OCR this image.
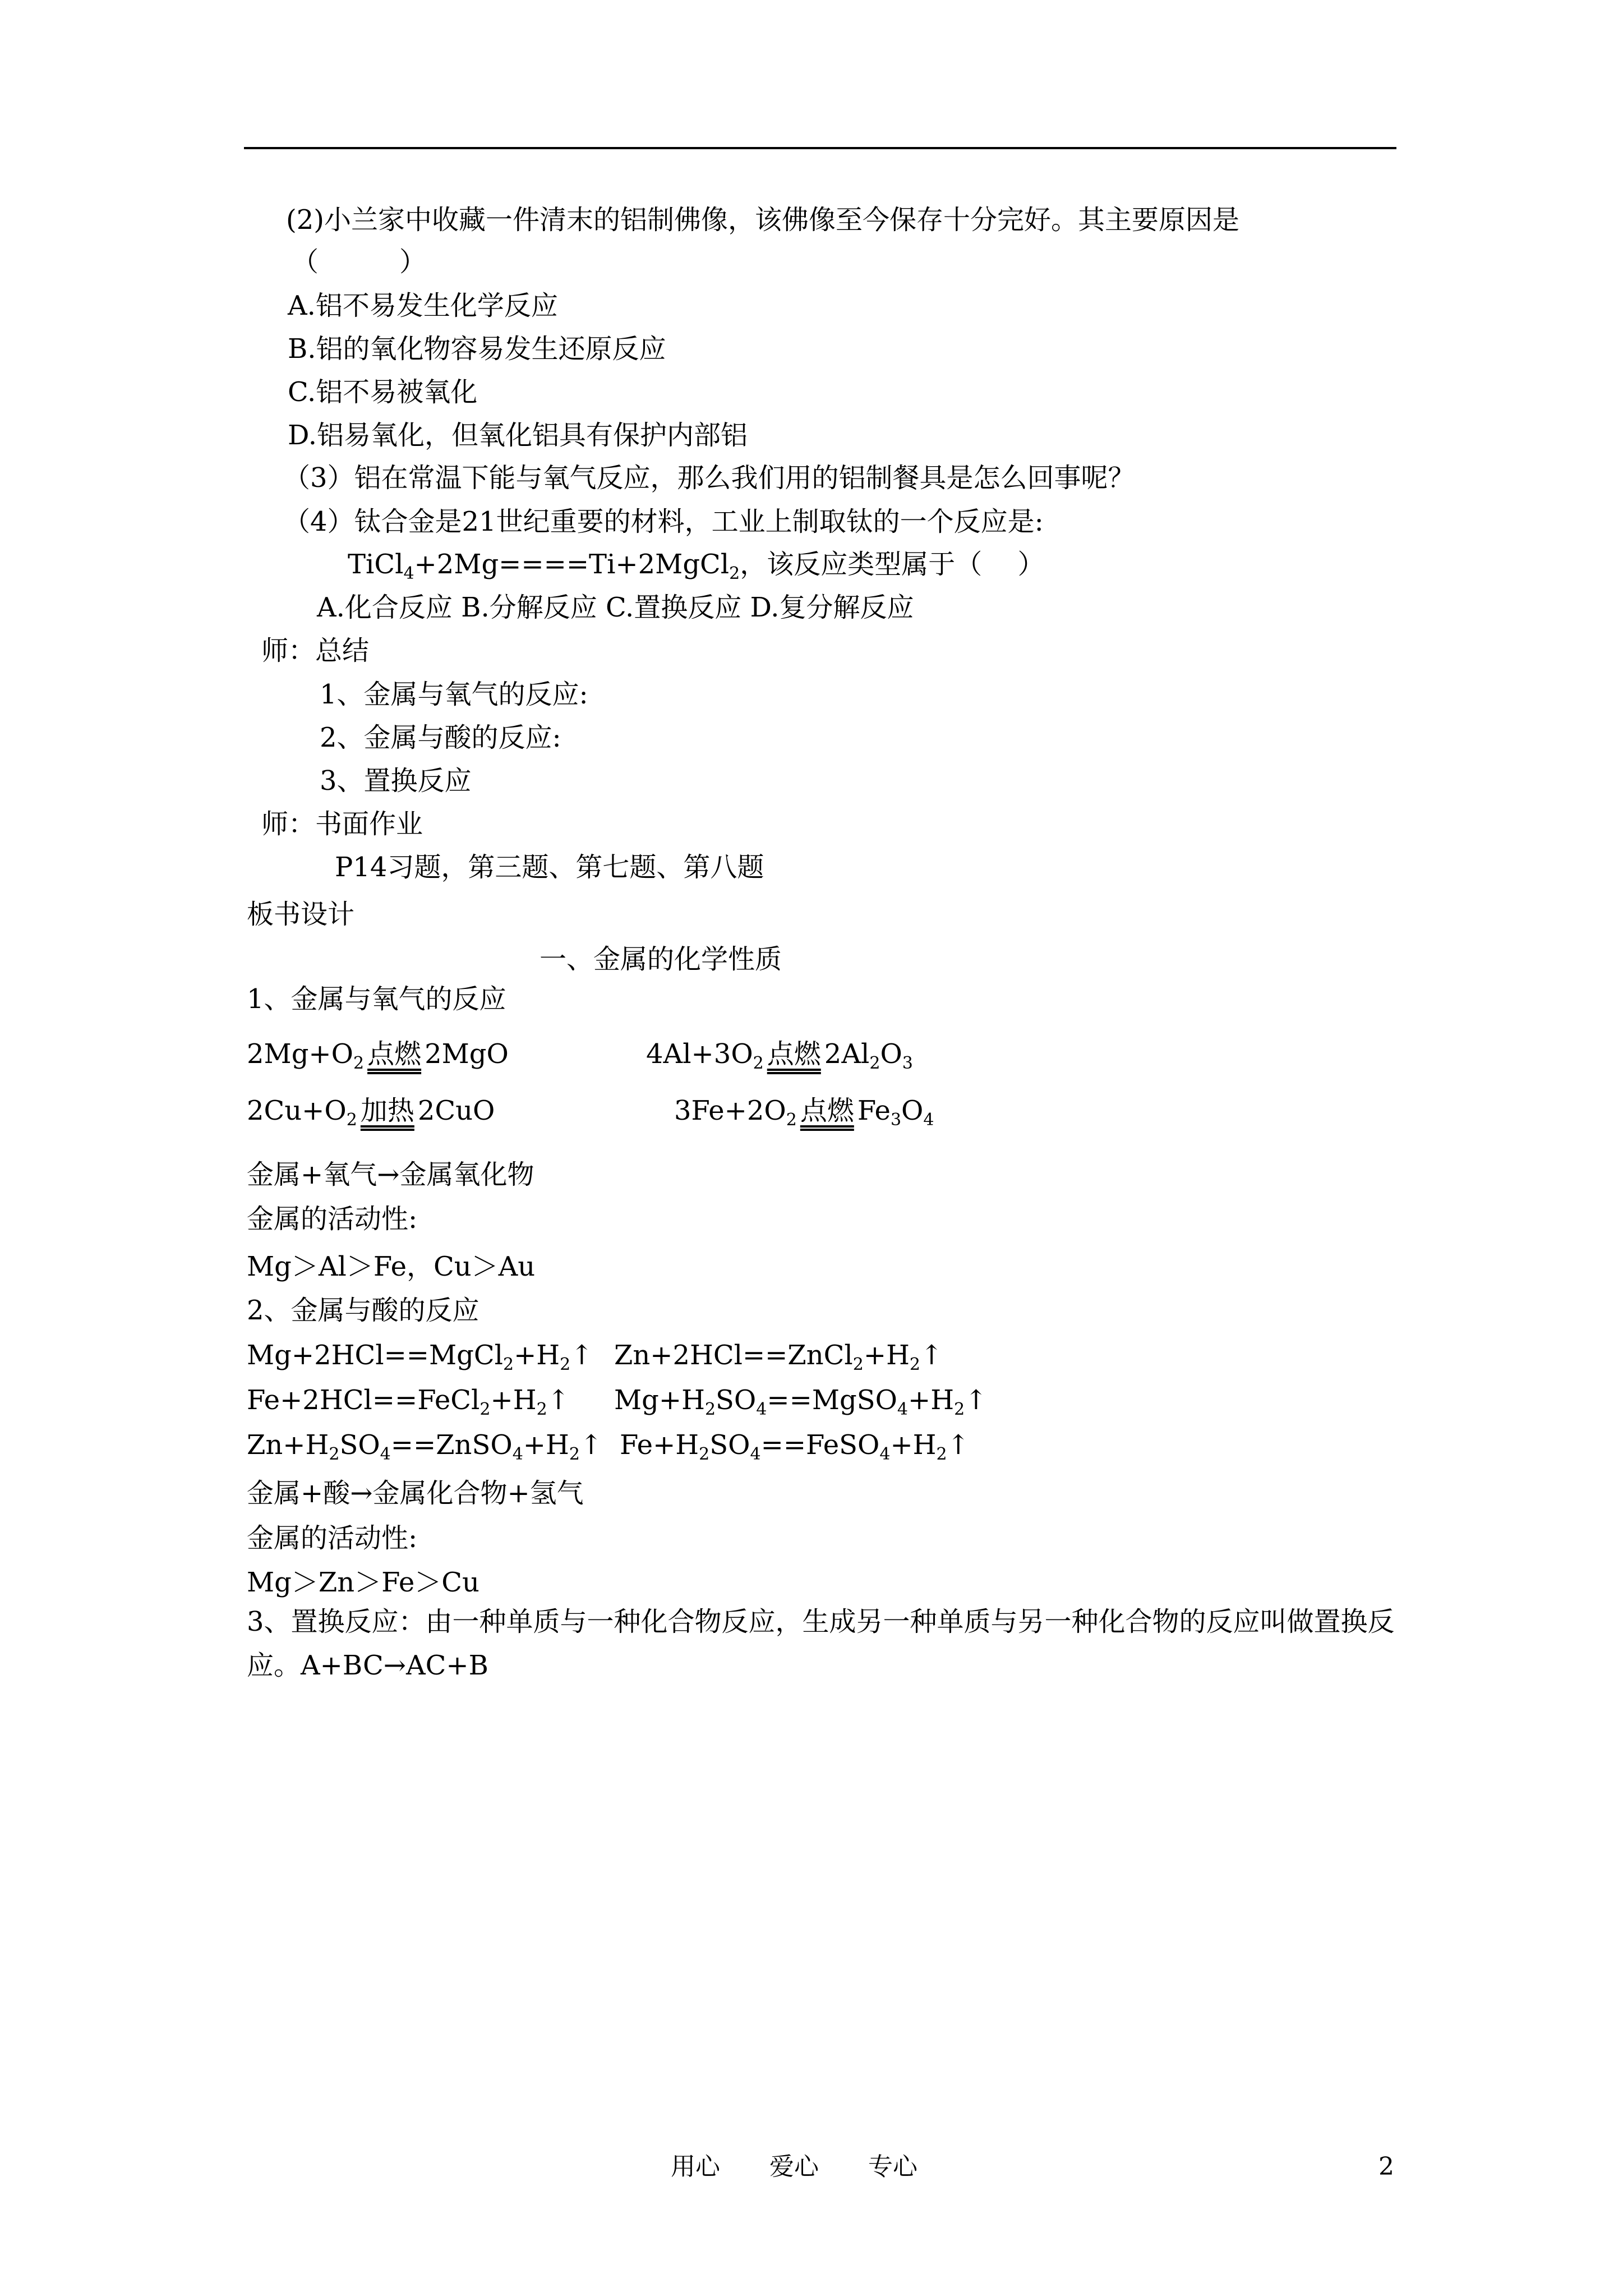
(2)小兰家中收藏一件清末的铝制佛像，该佛像至今保存十分完好。其主要原因是
（　　　）
A.铝不易发生化学反应
B.铝的氧化物容易发生还原反应
C.铝不易被氧化
D.铝易氧化，但氧化铝具有保护内部铝
（3）铝在常温下能与氧气反应，那么我们用的铝制餐具是怎么回事呢？
（4）钛合金是21世纪重要的材料，工业上制取钛的一个反应是:
TiCl$_4$+2Mg====Ti+2MgCl$_2$，该反应类型属于（　 ）
A.化合反应 B.分解反应 C.置换反应 D.复分解反应
师：总结
1、金属与氧气的反应:
2、金属与酸的反应:
3、置换反应
师：书面作业
P14习题，第三题、第七题、第八题
板书设计
一、金属的化学性质
1、金属与氧气的反应
$2Mg+O_2$ 点燃 2MgO	$4Al+3O_2$ 点燃 $2Al_2O_3$
$2Cu+O_2$ 加热 2CuO	$3Fe+2O_2$ 点燃 $Fe_3O_4$
金属+氧气→金属氧化物
金属的活动性:
Mg＞Al＞Fe，Cu＞Au
2、金属与酸的反应
$Mg+2HCl==MgCl_2+H_2↑$ $Zn+2HCl==ZnCl_2+H_2↑$
$Fe+2HCl==FeCl_2+H_2↑$ $Mg+H_2SO_4==MgSO_4+H_2↑$
$Zn+H_2SO_4==ZnSO_4+H_2↑$ $Fe+H_2SO_4==FeSO_4+H_2↑$
金属+酸→金属化合物+氢气
金属的活动性:
Mg＞Zn＞Fe＞Cu
3、置换反应：由一种单质与一种化合物反应，生成另一种单质与另一种化合物的反应叫做置换反应。A+BC→AC+B
用心　　爱心　　专心	2
